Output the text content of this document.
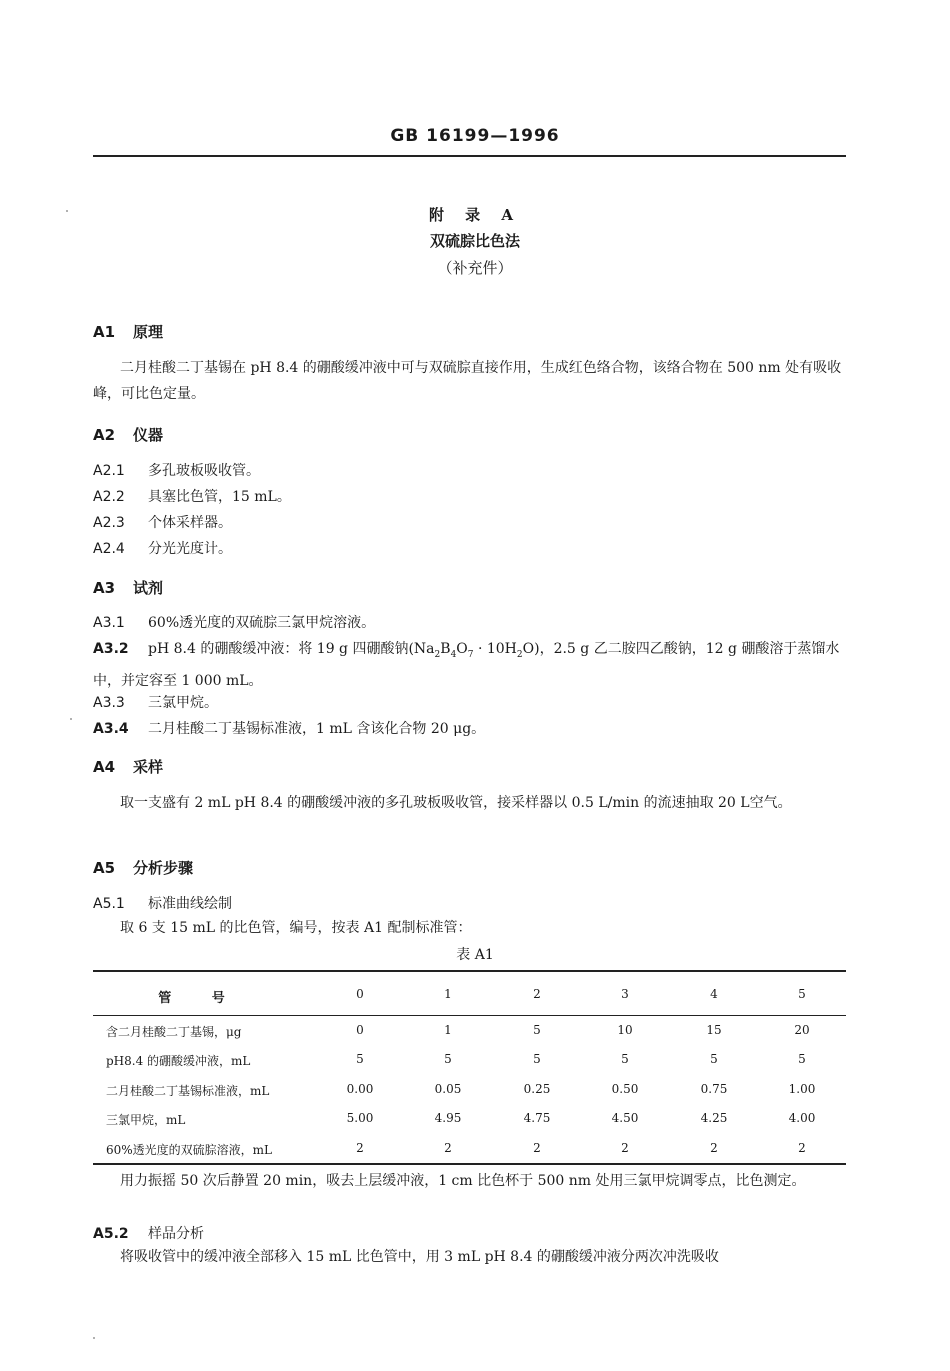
GB 16199—1996
附 录 A
双硫腙比色法
（补充件）
A1 原理
二月桂酸二丁基锡在 pH 8.4 的硼酸缓冲液中可与双硫腙直接作用，生成红色络合物，该络合物在 500 nm 处有吸收峰，可比色定量。
A2 仪器
A2.1 多孔玻板吸收管。
A2.2 具塞比色管，15 mL。
A2.3 个体采样器。
A2.4 分光光度计。
A3 试剂
A3.1 60%透光度的双硫腙三氯甲烷溶液。
A3.2 pH 8.4 的硼酸缓冲液：将 19 g 四硼酸钠$(Na_2B_4O_7 \cdot 10H_2O)$，2.5 g 乙二胺四乙酸钠，12 g 硼酸溶于蒸馏水中，并定容至 1 000 mL。
A3.3 三氯甲烷。
A3.4 二月桂酸二丁基锡标准液，1 mL 含该化合物 20 μg。
A4 采样
取一支盛有 2 mL pH 8.4 的硼酸缓冲液的多孔玻板吸收管，接采样器以 0.5 L/min 的流速抽取 20 L空气。
A5 分析步骤
A5.1 标准曲线绘制
取 6 支 15 mL 的比色管，编号，按表 A1 配制标准管：
表 A1
管 号	0	1	2	3	4	5
含二月桂酸二丁基锡，μg	0	1	5	10	15	20
pH8.4 的硼酸缓冲液，mL	5	5	5	5	5	5
二月桂酸二丁基锡标准液，mL	0.00	0.05	0.25	0.50	0.75	1.00
三氯甲烷，mL	5.00	4.95	4.75	4.50	4.25	4.00
60%透光度的双硫腙溶液，mL	2	2	2	2	2	2
用力振摇 50 次后静置 20 min，吸去上层缓冲液，1 cm 比色杯于 500 nm 处用三氯甲烷调零点，比色测定。
A5.2 样品分析
将吸收管中的缓冲液全部移入 15 mL 比色管中，用 3 mL pH 8.4 的硼酸缓冲液分两次冲洗吸收
